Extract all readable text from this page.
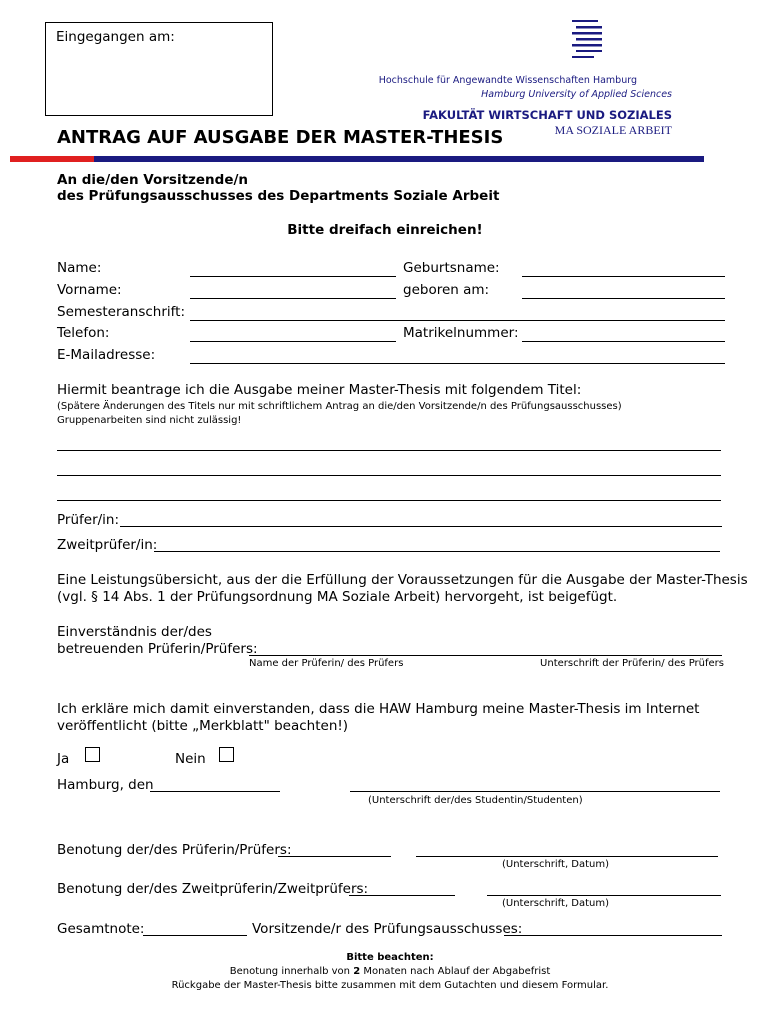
Eingegangen am:
Hochschule für Angewandte Wissenschaften Hamburg
Hamburg University of Applied Sciences
FAKULTÄT WIRTSCHAFT UND SOZIALES
MA SOZIALE ARBEIT
ANTRAG AUF AUSGABE DER MASTER-THESIS
An die/den Vorsitzende/n
des Prüfungsausschusses des Departments Soziale Arbeit
Bitte dreifach einreichen!
Name:	Geburtsname:
Vorname:	geboren am:
Semesteranschrift:
Telefon:	Matrikelnummer:
E-Mailadresse:
Hiermit beantrage ich die Ausgabe meiner Master-Thesis mit folgendem Titel:
(Spätere Änderungen des Titels nur mit schriftlichem Antrag an die/den Vorsitzende/n des Prüfungsausschusses)
Gruppenarbeiten sind nicht zulässig!
Prüfer/in:
Zweitprüfer/in:
Eine Leistungsübersicht, aus der die Erfüllung der Voraussetzungen für die Ausgabe der Master-Thesis
(vgl. § 14 Abs. 1 der Prüfungsordnung MA Soziale Arbeit) hervorgeht, ist beigefügt.
Einverständnis der/des
betreuenden Prüferin/Prüfers:
Name der Prüferin/ des Prüfers	Unterschrift der Prüferin/ des Prüfers
Ich erkläre mich damit einverstanden, dass die HAW Hamburg meine Master-Thesis im Internet
veröffentlicht (bitte „Merkblatt" beachten!)
Ja	Nein
Hamburg, den
(Unterschrift der/des Studentin/Studenten)
Benotung der/des Prüferin/Prüfers:
(Unterschrift, Datum)
Benotung der/des Zweitprüferin/Zweitprüfers:
(Unterschrift, Datum)
Gesamtnote:	Vorsitzende/r des Prüfungsausschusses:
Bitte beachten:
Benotung innerhalb von 2 Monaten nach Ablauf der Abgabefrist
Rückgabe der Master-Thesis bitte zusammen mit dem Gutachten und diesem Formular.
